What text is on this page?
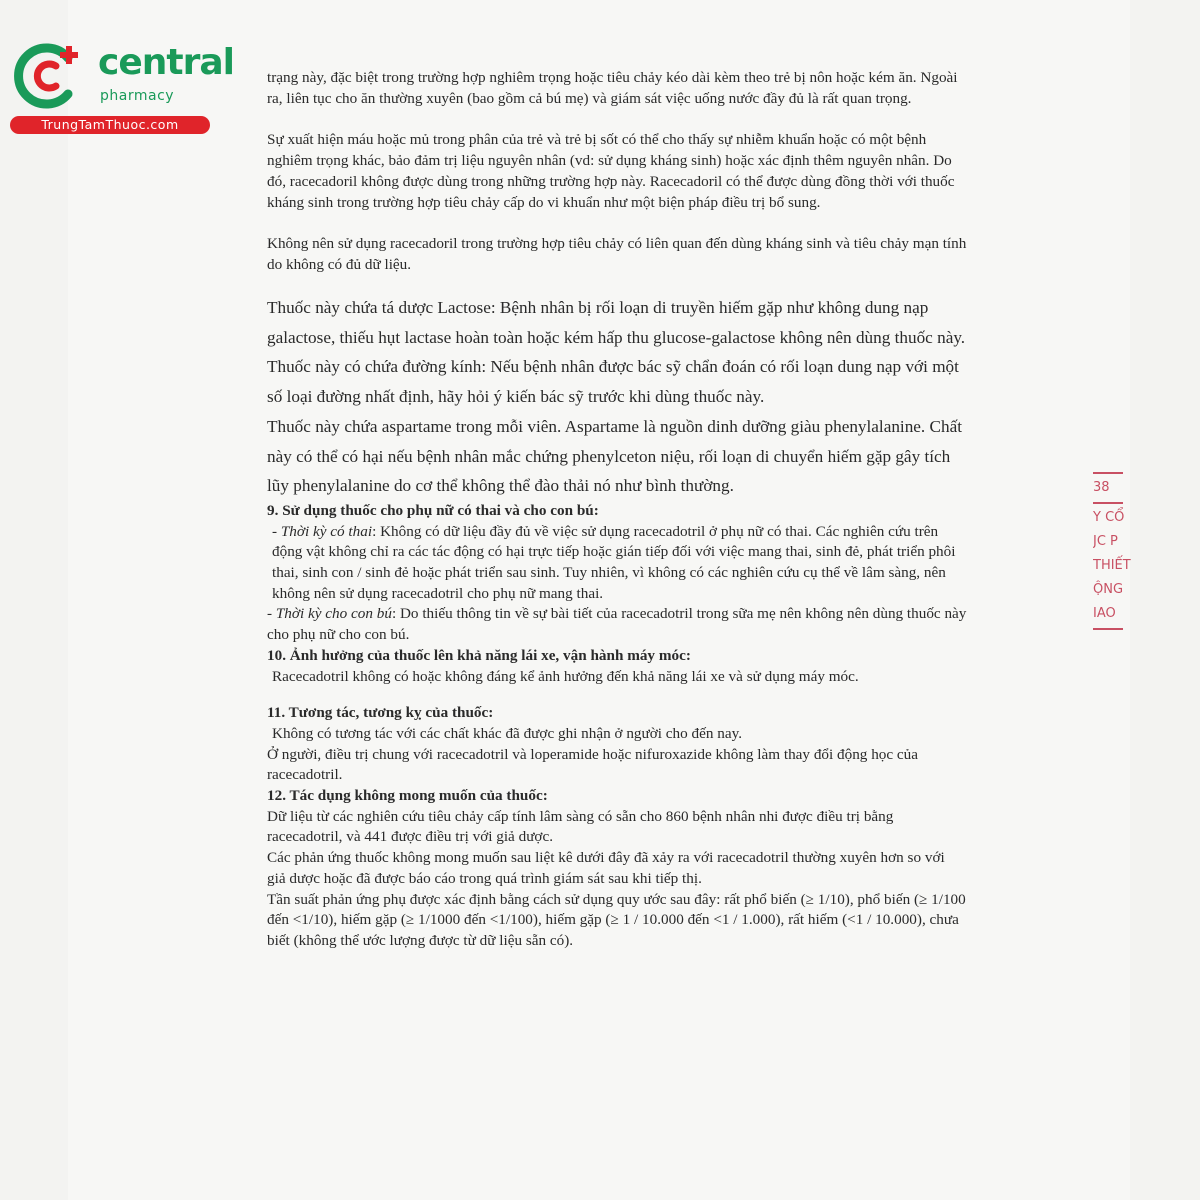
central
pharmacy
TrungTamThuoc.com

trạng này, đặc biệt trong trường hợp nghiêm trọng hoặc tiêu chảy kéo dài kèm theo trẻ bị nôn hoặc kém ăn. Ngoài ra, liên tục cho ăn thường xuyên (bao gồm cả bú mẹ) và giám sát việc uống nước đầy đủ là rất quan trọng.

Sự xuất hiện máu hoặc mủ trong phân của trẻ và trẻ bị sốt có thể cho thấy sự nhiễm khuẩn hoặc có một bệnh nghiêm trọng khác, bảo đảm trị liệu nguyên nhân (vd: sử dụng kháng sinh) hoặc xác định thêm nguyên nhân. Do đó, racecadoril không được dùng trong những trường hợp này. Racecadoril có thể được dùng đồng thời với thuốc kháng sinh trong trường hợp tiêu chảy cấp do vi khuẩn như một biện pháp điều trị bổ sung.

Không nên sử dụng racecadoril trong trường hợp tiêu chảy có liên quan đến dùng kháng sinh và tiêu chảy mạn tính do không có đủ dữ liệu.

Thuốc này chứa tá dược Lactose: Bệnh nhân bị rối loạn di truyền hiếm gặp như không dung nạp galactose, thiếu hụt lactase hoàn toàn hoặc kém hấp thu glucose-galactose không nên dùng thuốc này.

Thuốc này có chứa đường kính: Nếu bệnh nhân được bác sỹ chẩn đoán có rối loạn dung nạp với một số loại đường nhất định, hãy hỏi ý kiến bác sỹ trước khi dùng thuốc này.

Thuốc này chứa aspartame trong mỗi viên. Aspartame là nguồn dinh dưỡng giàu phenylalanine. Chất này có thể có hại nếu bệnh nhân mắc chứng phenylceton niệu, rối loạn di chuyển hiếm gặp gây tích lũy phenylalanine do cơ thể không thể đào thải nó như bình thường.

9. Sử dụng thuốc cho phụ nữ có thai và cho con bú:

- Thời kỳ có thai: Không có dữ liệu đầy đủ về việc sử dụng racecadotril ở phụ nữ có thai. Các nghiên cứu trên động vật không chỉ ra các tác động có hại trực tiếp hoặc gián tiếp đối với việc mang thai, sinh đẻ, phát triển phôi thai, sinh con / sinh đẻ hoặc phát triển sau sinh. Tuy nhiên, vì không có các nghiên cứu cụ thể về lâm sàng, nên không nên sử dụng racecadotril cho phụ nữ mang thai.

- Thời kỳ cho con bú: Do thiếu thông tin về sự bài tiết của racecadotril trong sữa mẹ nên không nên dùng thuốc này cho phụ nữ cho con bú.

10. Ảnh hưởng của thuốc lên khả năng lái xe, vận hành máy móc:

Racecadotril không có hoặc không đáng kể ảnh hưởng đến khả năng lái xe và sử dụng máy móc.

11. Tương tác, tương kỵ của thuốc:

Không có tương tác với các chất khác đã được ghi nhận ở người cho đến nay.

Ở người, điều trị chung với racecadotril và loperamide hoặc nifuroxazide không làm thay đổi động học của racecadotril.

12. Tác dụng không mong muốn của thuốc:

Dữ liệu từ các nghiên cứu tiêu chảy cấp tính lâm sàng có sẵn cho 860 bệnh nhân nhi được điều trị bằng racecadotril, và 441 được điều trị với giả dược.

Các phản ứng thuốc không mong muốn sau liệt kê dưới đây đã xảy ra với racecadotril thường xuyên hơn so với giả dược hoặc đã được báo cáo trong quá trình giám sát sau khi tiếp thị.

Tần suất phản ứng phụ được xác định bằng cách sử dụng quy ước sau đây: rất phổ biến (≥ 1/10), phổ biến (≥ 1/100 đến <1/10), hiếm gặp (≥ 1/1000 đến <1/100), hiếm gặp (≥ 1 / 10.000 đến <1 / 1.000), rất hiếm (<1 / 10.000), chưa biết (không thể ước lượng được từ dữ liệu sẵn có).

38
Y CỔ
JC P
THIẾT
ỘNG
IAO
